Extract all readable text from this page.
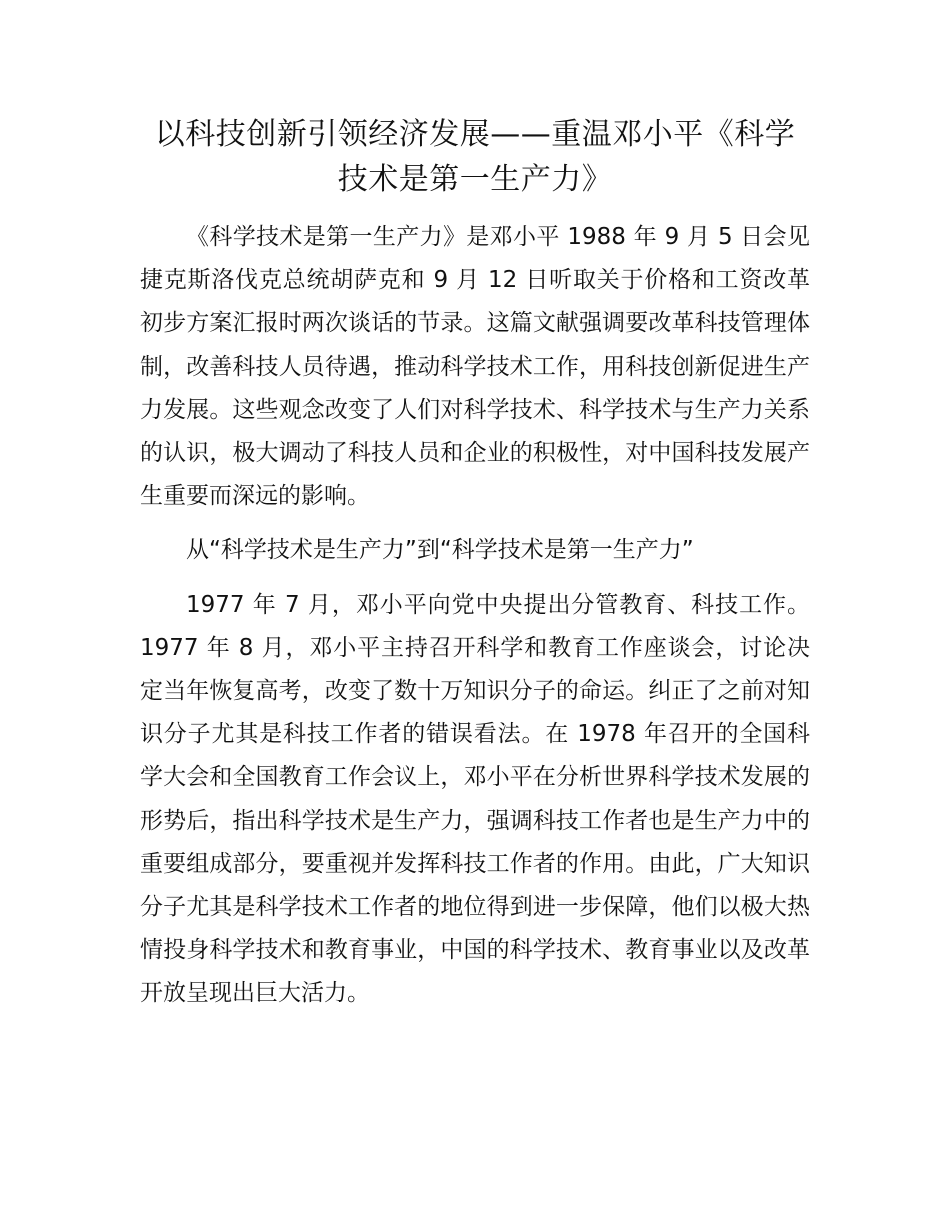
以科技创新引领经济发展——重温邓小平《科学技术是第一生产力》

《科学技术是第一生产力》是邓小平 1988 年 9 月 5 日会见捷克斯洛伐克总统胡萨克和 9 月 12 日听取关于价格和工资改革初步方案汇报时两次谈话的节录。这篇文献强调要改革科技管理体制，改善科技人员待遇，推动科学技术工作，用科技创新促进生产力发展。这些观念改变了人们对科学技术、科学技术与生产力关系的认识，极大调动了科技人员和企业的积极性，对中国科技发展产生重要而深远的影响。

从“科学技术是生产力”到“科学技术是第一生产力”

1977 年 7 月，邓小平向党中央提出分管教育、科技工作。1977 年 8 月，邓小平主持召开科学和教育工作座谈会，讨论决定当年恢复高考，改变了数十万知识分子的命运。纠正了之前对知识分子尤其是科技工作者的错误看法。在 1978 年召开的全国科学大会和全国教育工作会议上，邓小平在分析世界科学技术发展的形势后，指出科学技术是生产力，强调科技工作者也是生产力中的重要组成部分，要重视并发挥科技工作者的作用。由此，广大知识分子尤其是科学技术工作者的地位得到进一步保障，他们以极大热情投身科学技术和教育事业，中国的科学技术、教育事业以及改革开放呈现出巨大活力。
